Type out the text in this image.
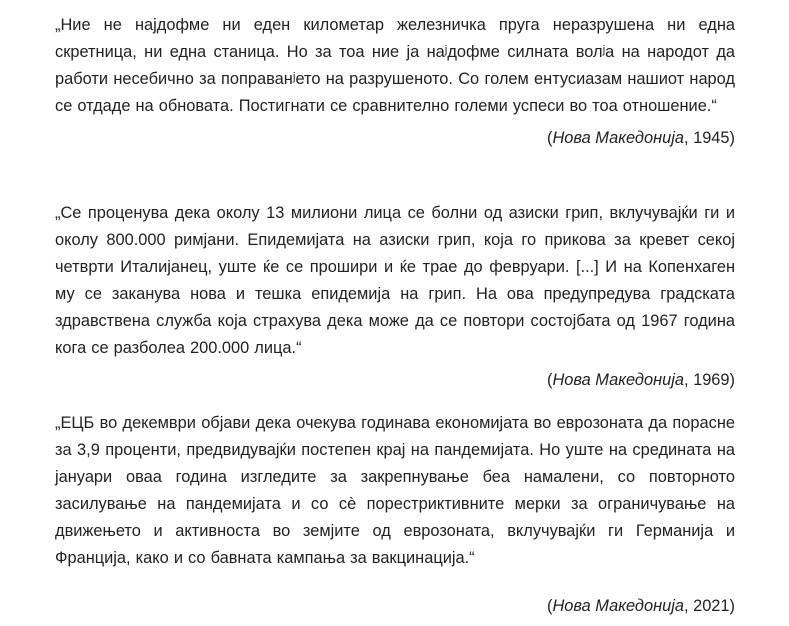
„Ние не најдофме ни еден километар железничка пруга неразрушена ни една скретница, ни една станица. Но за тоа ние ја наʲдофме силната волʲа на народот да работи несебично за поправанʲето на разрушеното. Со голем ентусиазам нашиот народ се отдаде на обновата. Постигнати се сравнително големи успеси во тоа отношение.“

(Нова Македонија, 1945)

„Се проценува дека околу 13 милиони лица се болни од азиски грип, вклучувајќи ги и околу 800.000 римјани. Епидемијата на азиски грип, која го прикова за кревет секој четврти Италијанец, уште ќе се прошири и ќе трае до февруари. [...] И на Копенхаген му се заканува нова и тешка епидемија на грип. На ова предупредува градската здравствена служба која страхува дека може да се повтори состојбата од 1967 година кога се разболеа 200.000 лица.“

(Нова Македонија, 1969)

„ЕЦБ во декември објави дека очекува годинава економијата во еврозоната да порасне за 3,9 проценти, предвидувајќи постепен крај на пандемијата. Но уште на средината на јануари оваа година изгледите за закрепнување беа намалени, со повторното засилување на пандемијата и со сè порестриктивните мерки за ограничување на движењето и активноста во земјите од еврозоната, вклучувајќи ги Германија и Франција, како и со бавната кампања за вакцинација.“

(Нова Македонија, 2021)
